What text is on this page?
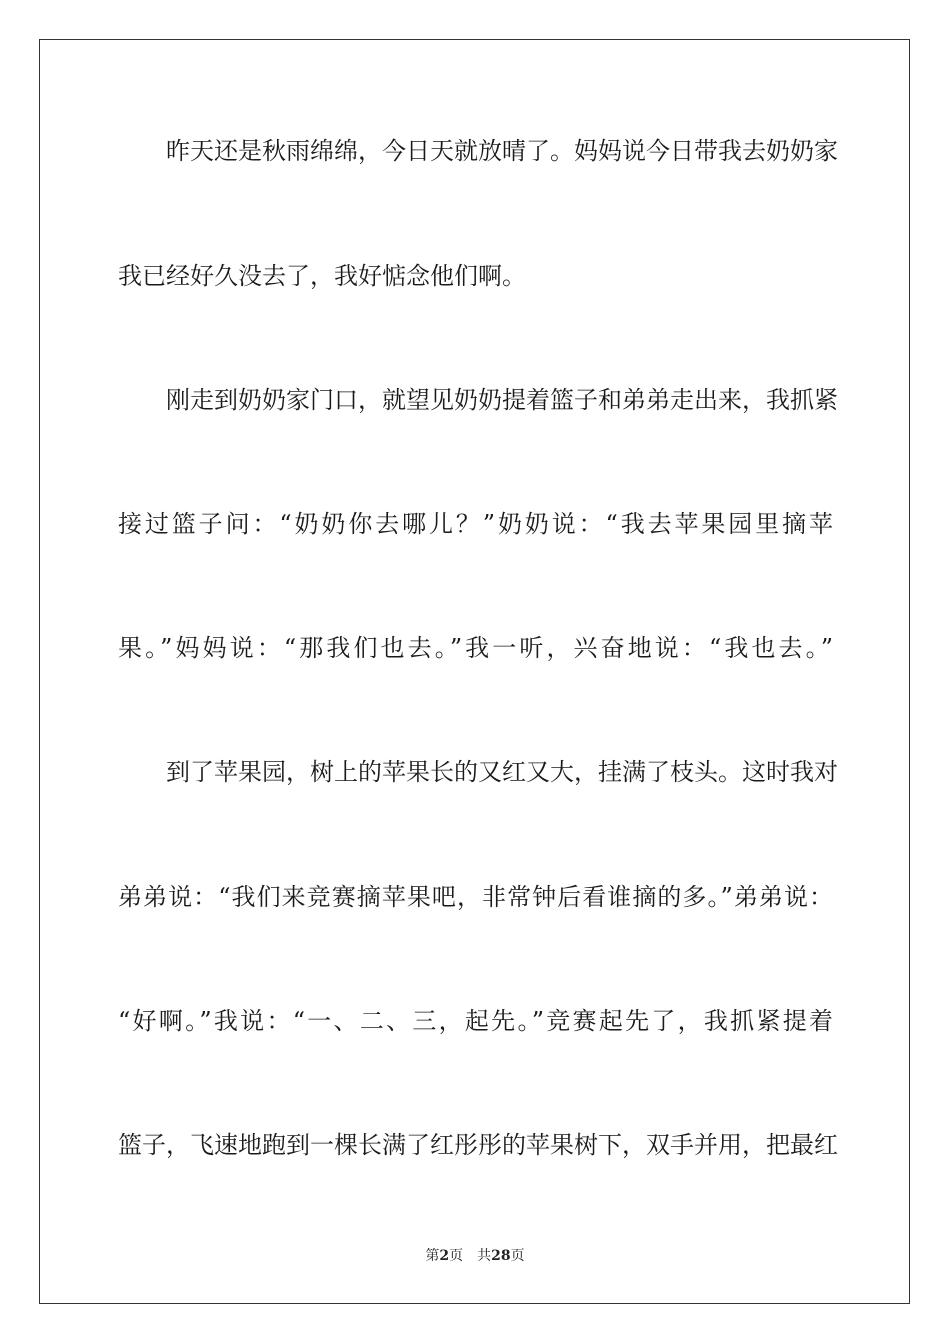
昨天还是秋雨绵绵，今日天就放晴了。妈妈说今日带我去奶奶家
我已经好久没去了，我好惦念他们啊。
刚走到奶奶家门口，就望见奶奶提着篮子和弟弟走出来，我抓紧
接过篮子问：“奶奶你去哪儿？”奶奶说：“我去苹果园里摘苹
果。”妈妈说：“那我们也去。”我一听，兴奋地说：“我也去。”
到了苹果园，树上的苹果长的又红又大，挂满了枝头。这时我对
弟弟说：“我们来竞赛摘苹果吧，非常钟后看谁摘的多。”弟弟说：
“好啊。”我说：“一、二、三，起先。”竞赛起先了，我抓紧提着
篮子，飞速地跑到一棵长满了红彤彤的苹果树下，双手并用，把最红
第2页 共28页
